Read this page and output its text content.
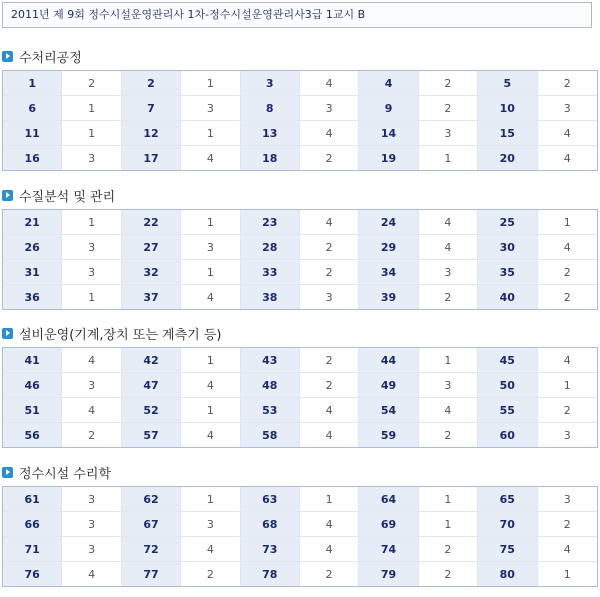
2011년 제 9회 정수시설운영관리사 1차-정수시설운영관리사3급 1교시 B
수처리공정
1	2	2	1	3	4	4	2	5	2
6	1	7	3	8	3	9	2	10	3
11	1	12	1	13	4	14	3	15	4
16	3	17	4	18	2	19	1	20	4
수질분석 및 관리
21	1	22	1	23	4	24	4	25	1
26	3	27	3	28	2	29	4	30	4
31	3	32	1	33	2	34	3	35	2
36	1	37	4	38	3	39	2	40	2
설비운영(기계,장치 또는 계측기 등)
41	4	42	1	43	2	44	1	45	4
46	3	47	4	48	2	49	3	50	1
51	4	52	1	53	4	54	4	55	2
56	2	57	4	58	4	59	2	60	3
정수시설 수리학
61	3	62	1	63	1	64	1	65	3
66	3	67	3	68	4	69	1	70	2
71	3	72	4	73	4	74	2	75	4
76	4	77	2	78	2	79	2	80	1
